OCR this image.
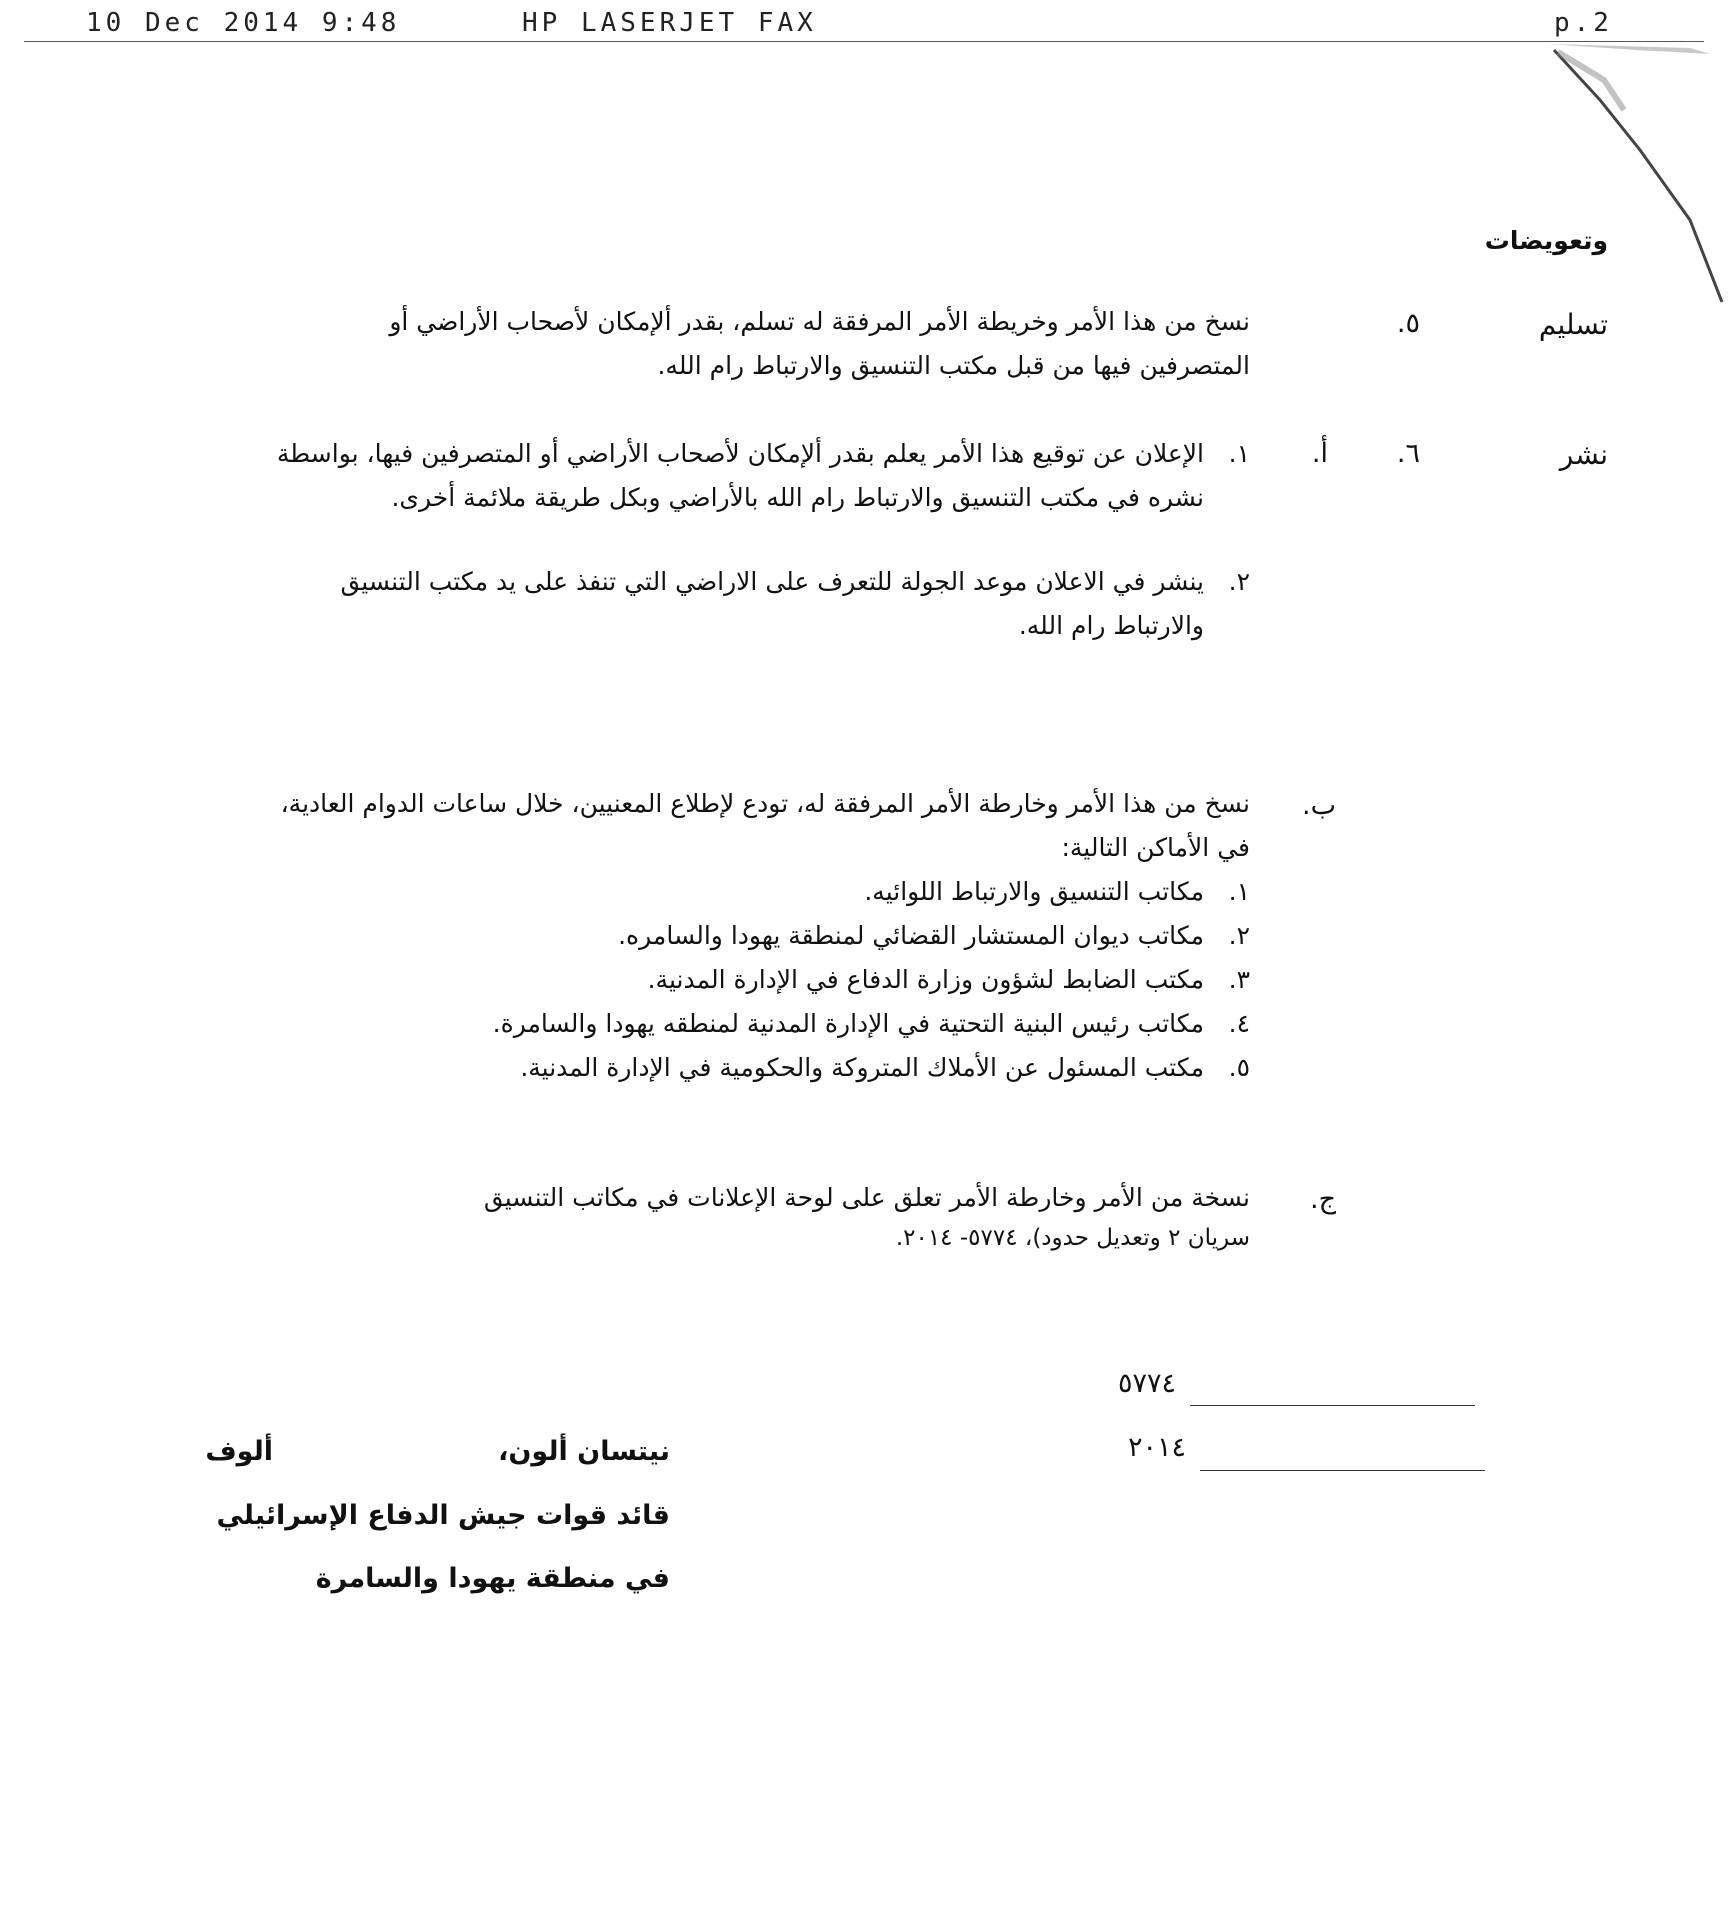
10 Dec 2014 9:48	HP LASERJET FAX	p.2
وتعويضات
تسليم
٥.
نسخ من هذا الأمر وخريطة الأمر المرفقة له تسلم، بقدر ألإمكان لأصحاب الأراضي أو المتصرفين فيها من قبل مكتب التنسيق والارتباط رام الله.
نشر
٦.
أ.
١.
الإعلان عن توقيع هذا الأمر يعلم بقدر ألإمكان لأصحاب الأراضي أو المتصرفين فيها، بواسطة نشره في مكتب التنسيق والارتباط رام الله بالأراضي وبكل طريقة ملائمة أخرى.
٢.
ينشر في الاعلان موعد الجولة للتعرف على الاراضي التي تنفذ على يد مكتب التنسيق والارتباط رام الله.
ب.
نسخ من هذا الأمر وخارطة الأمر المرفقة له، تودع لإطلاع المعنيين، خلال ساعات الدوام العادية، في الأماكن التالية:
١.
مكاتب التنسيق والارتباط اللوائيه.
٢.
مكاتب ديوان المستشار القضائي لمنطقة يهودا والسامره.
٣.
مكتب الضابط لشؤون وزارة الدفاع في الإدارة المدنية.
٤.
مكاتب رئيس البنية التحتية في الإدارة المدنية لمنطقه يهودا والسامرة.
٥.
مكتب المسئول عن الأملاك المتروكة والحكومية في الإدارة المدنية.
ج.
نسخة من الأمر وخارطة الأمر تعلق على لوحة الإعلانات في مكاتب التنسيق
سريان ٢ وتعديل حدود)، ٥٧٧٤- ٢٠١٤.
٥٧٧٤
٢٠١٤
نيتسان ألون،
ألوف
قائد قوات جيش الدفاع الإسرائيلي
في منطقة يهودا والسامرة
